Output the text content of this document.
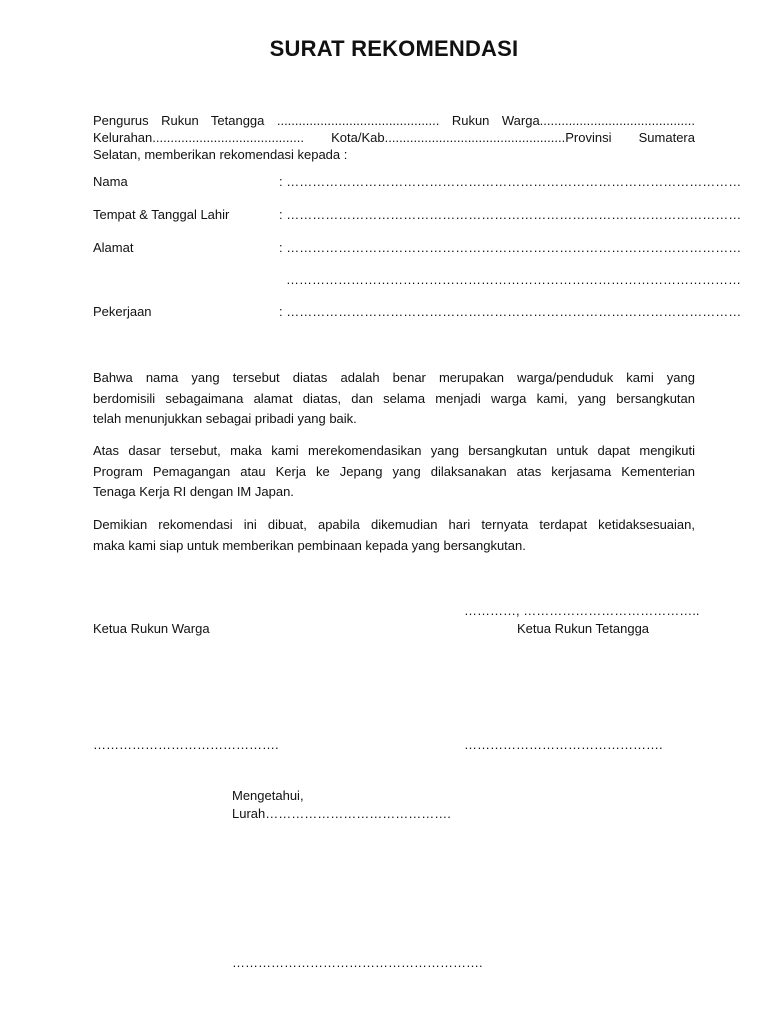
SURAT REKOMENDASI
Pengurus Rukun Tetangga ............................................. Rukun Warga...........................................
Kelurahan.......................................... Kota/Kab..................................................Provinsi Sumatera
Selatan, memberikan rekomendasi kepada :
Nama	: ……………………………………………………………………………………………
Tempat & Tanggal Lahir	: ……………………………………………………………………………………………
Alamat	: ……………………………………………………………………………………………
……………………………………………………………………………………………
Pekerjaan	: ……………………………………………………………………………………………
Bahwa nama yang tersebut diatas adalah benar merupakan warga/penduduk kami yang
berdomisili sebagaimana alamat diatas, dan selama menjadi warga kami, yang bersangkutan
telah menunjukkan sebagai pribadi yang baik.
Atas dasar tersebut, maka kami merekomendasikan yang bersangkutan untuk dapat mengikuti
Program Pemagangan atau Kerja ke Jepang yang dilaksanakan atas kerjasama Kementerian
Tenaga Kerja RI dengan IM Japan.
Demikian rekomendasi ini dibuat, apabila dikemudian hari ternyata terdapat ketidaksesuaian,
maka kami siap untuk memberikan pembinaan kepada yang bersangkutan.
…………, …………………………………..
Ketua Rukun Warga	Ketua Rukun Tetangga
…………………………………….	……………………………………….
Mengetahui,
Lurah…………………………………….
………………………………………………….
